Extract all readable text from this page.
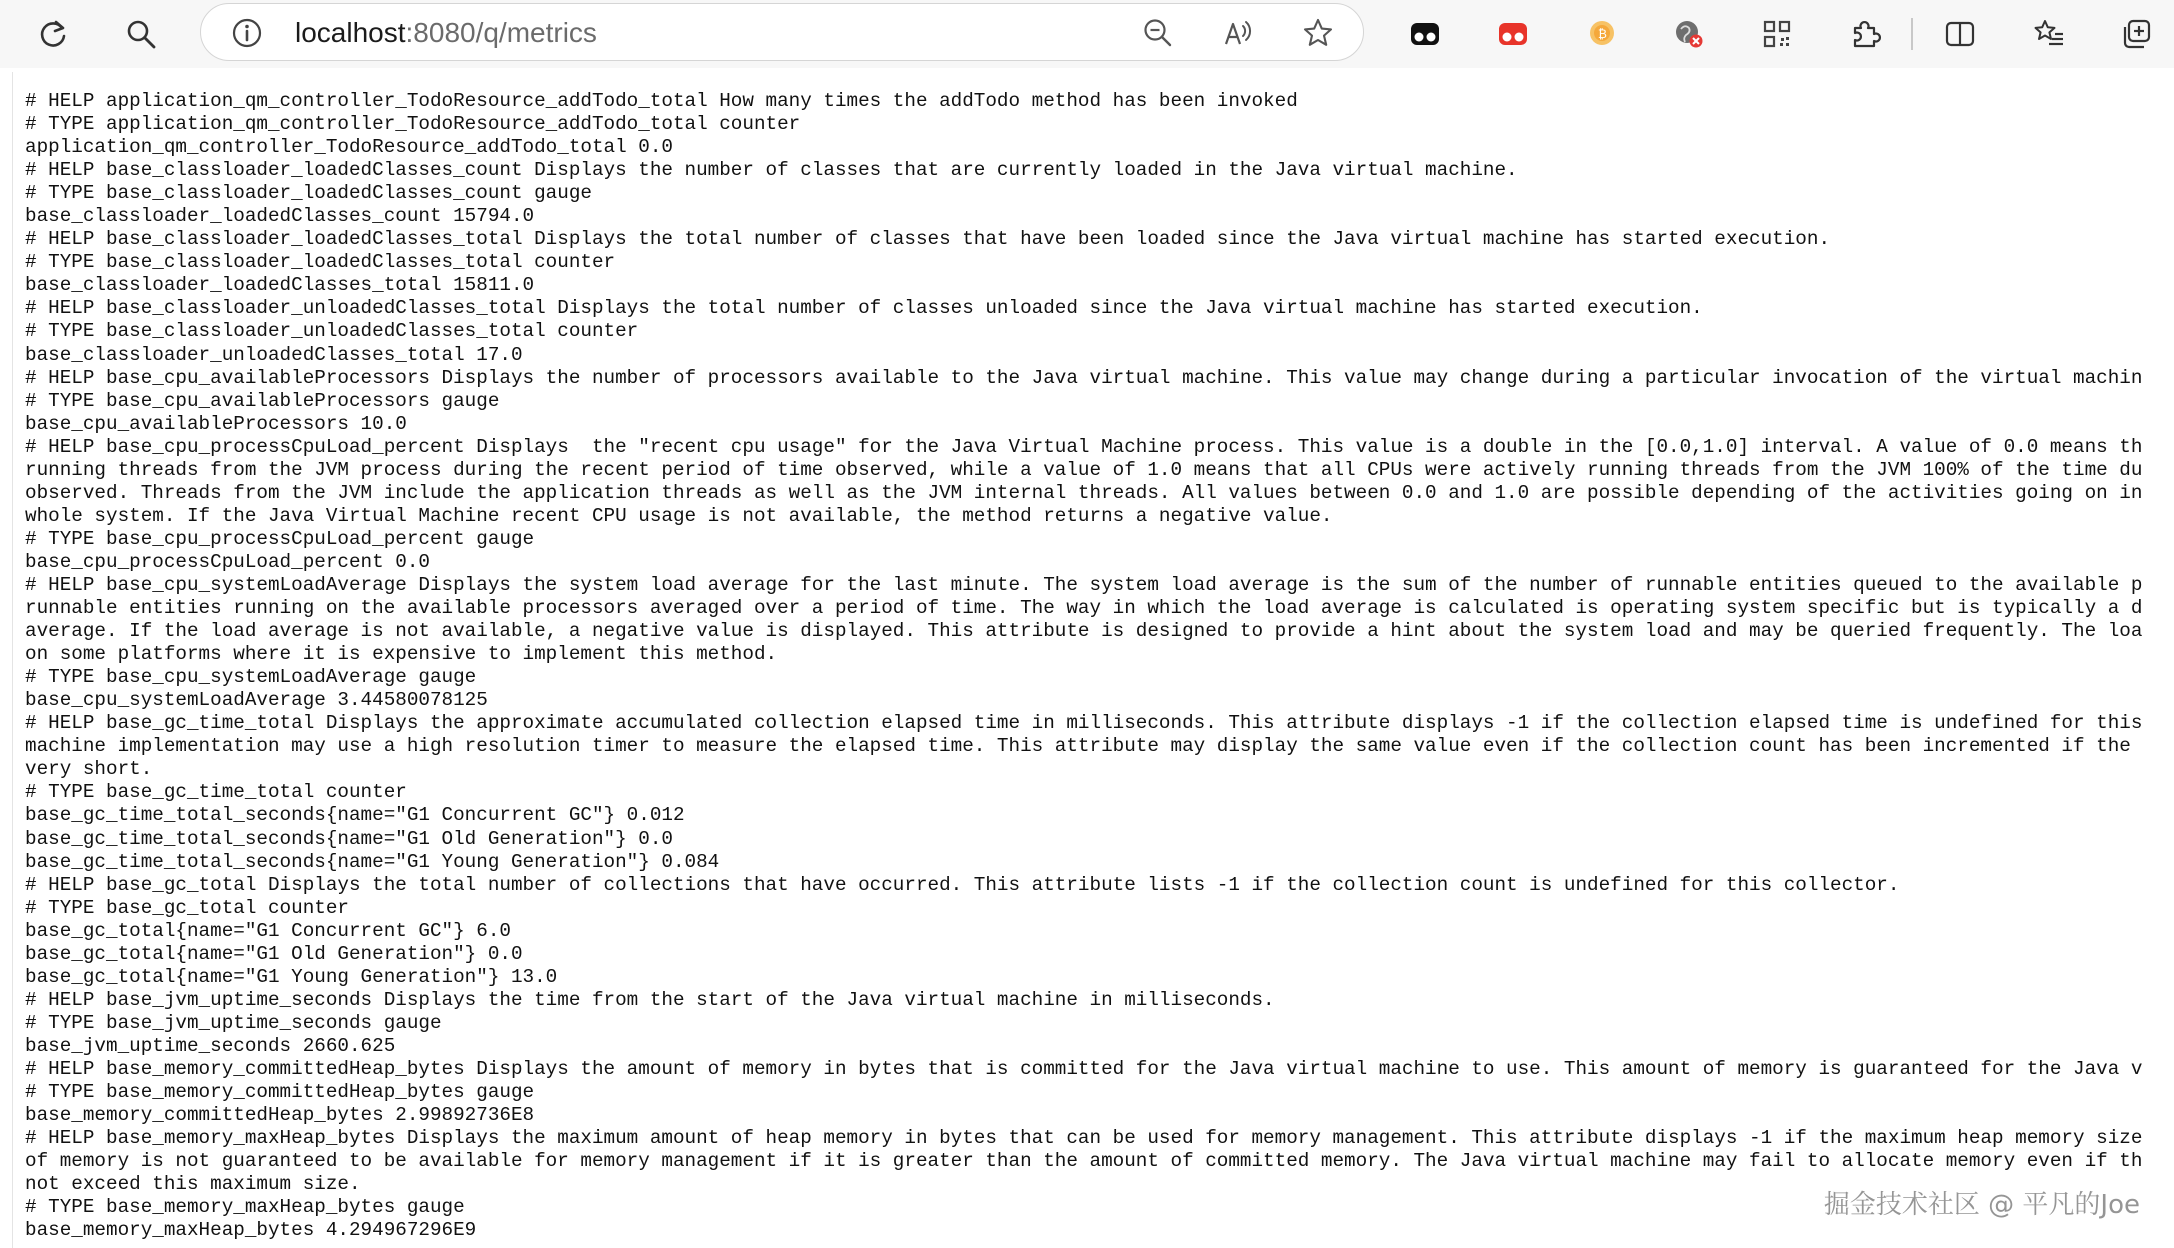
localhost:8080/q/metrics	₿
# HELP application_qm_controller_TodoResource_addTodo_total How many times the addTodo method has been invoked
# TYPE application_qm_controller_TodoResource_addTodo_total counter
application_qm_controller_TodoResource_addTodo_total 0.0
# HELP base_classloader_loadedClasses_count Displays the number of classes that are currently loaded in the Java virtual machine.
# TYPE base_classloader_loadedClasses_count gauge
base_classloader_loadedClasses_count 15794.0
# HELP base_classloader_loadedClasses_total Displays the total number of classes that have been loaded since the Java virtual machine has started execution.
# TYPE base_classloader_loadedClasses_total counter
base_classloader_loadedClasses_total 15811.0
# HELP base_classloader_unloadedClasses_total Displays the total number of classes unloaded since the Java virtual machine has started execution.
# TYPE base_classloader_unloadedClasses_total counter
base_classloader_unloadedClasses_total 17.0
# HELP base_cpu_availableProcessors Displays the number of processors available to the Java virtual machine. This value may change during a particular invocation of the virtual machin
# TYPE base_cpu_availableProcessors gauge
base_cpu_availableProcessors 10.0
# HELP base_cpu_processCpuLoad_percent Displays  the "recent cpu usage" for the Java Virtual Machine process. This value is a double in the [0.0,1.0] interval. A value of 0.0 means th
running threads from the JVM process during the recent period of time observed, while a value of 1.0 means that all CPUs were actively running threads from the JVM 100% of the time du
observed. Threads from the JVM include the application threads as well as the JVM internal threads. All values between 0.0 and 1.0 are possible depending of the activities going on in
whole system. If the Java Virtual Machine recent CPU usage is not available, the method returns a negative value.
# TYPE base_cpu_processCpuLoad_percent gauge
base_cpu_processCpuLoad_percent 0.0
# HELP base_cpu_systemLoadAverage Displays the system load average for the last minute. The system load average is the sum of the number of runnable entities queued to the available p
runnable entities running on the available processors averaged over a period of time. The way in which the load average is calculated is operating system specific but is typically a d
average. If the load average is not available, a negative value is displayed. This attribute is designed to provide a hint about the system load and may be queried frequently. The loa
on some platforms where it is expensive to implement this method.
# TYPE base_cpu_systemLoadAverage gauge
base_cpu_systemLoadAverage 3.44580078125
# HELP base_gc_time_total Displays the approximate accumulated collection elapsed time in milliseconds. This attribute displays -1 if the collection elapsed time is undefined for this
machine implementation may use a high resolution timer to measure the elapsed time. This attribute may display the same value even if the collection count has been incremented if the
very short.
# TYPE base_gc_time_total counter
base_gc_time_total_seconds{name="G1 Concurrent GC"} 0.012
base_gc_time_total_seconds{name="G1 Old Generation"} 0.0
base_gc_time_total_seconds{name="G1 Young Generation"} 0.084
# HELP base_gc_total Displays the total number of collections that have occurred. This attribute lists -1 if the collection count is undefined for this collector.
# TYPE base_gc_total counter
base_gc_total{name="G1 Concurrent GC"} 6.0
base_gc_total{name="G1 Old Generation"} 0.0
base_gc_total{name="G1 Young Generation"} 13.0
# HELP base_jvm_uptime_seconds Displays the time from the start of the Java virtual machine in milliseconds.
# TYPE base_jvm_uptime_seconds gauge
base_jvm_uptime_seconds 2660.625
# HELP base_memory_committedHeap_bytes Displays the amount of memory in bytes that is committed for the Java virtual machine to use. This amount of memory is guaranteed for the Java v
# TYPE base_memory_committedHeap_bytes gauge
base_memory_committedHeap_bytes 2.99892736E8
# HELP base_memory_maxHeap_bytes Displays the maximum amount of heap memory in bytes that can be used for memory management. This attribute displays -1 if the maximum heap memory size
of memory is not guaranteed to be available for memory management if it is greater than the amount of committed memory. The Java virtual machine may fail to allocate memory even if th
not exceed this maximum size.
# TYPE base_memory_maxHeap_bytes gauge
base_memory_maxHeap_bytes 4.294967296E9
掘金技术社区 @ 平凡的Joe
